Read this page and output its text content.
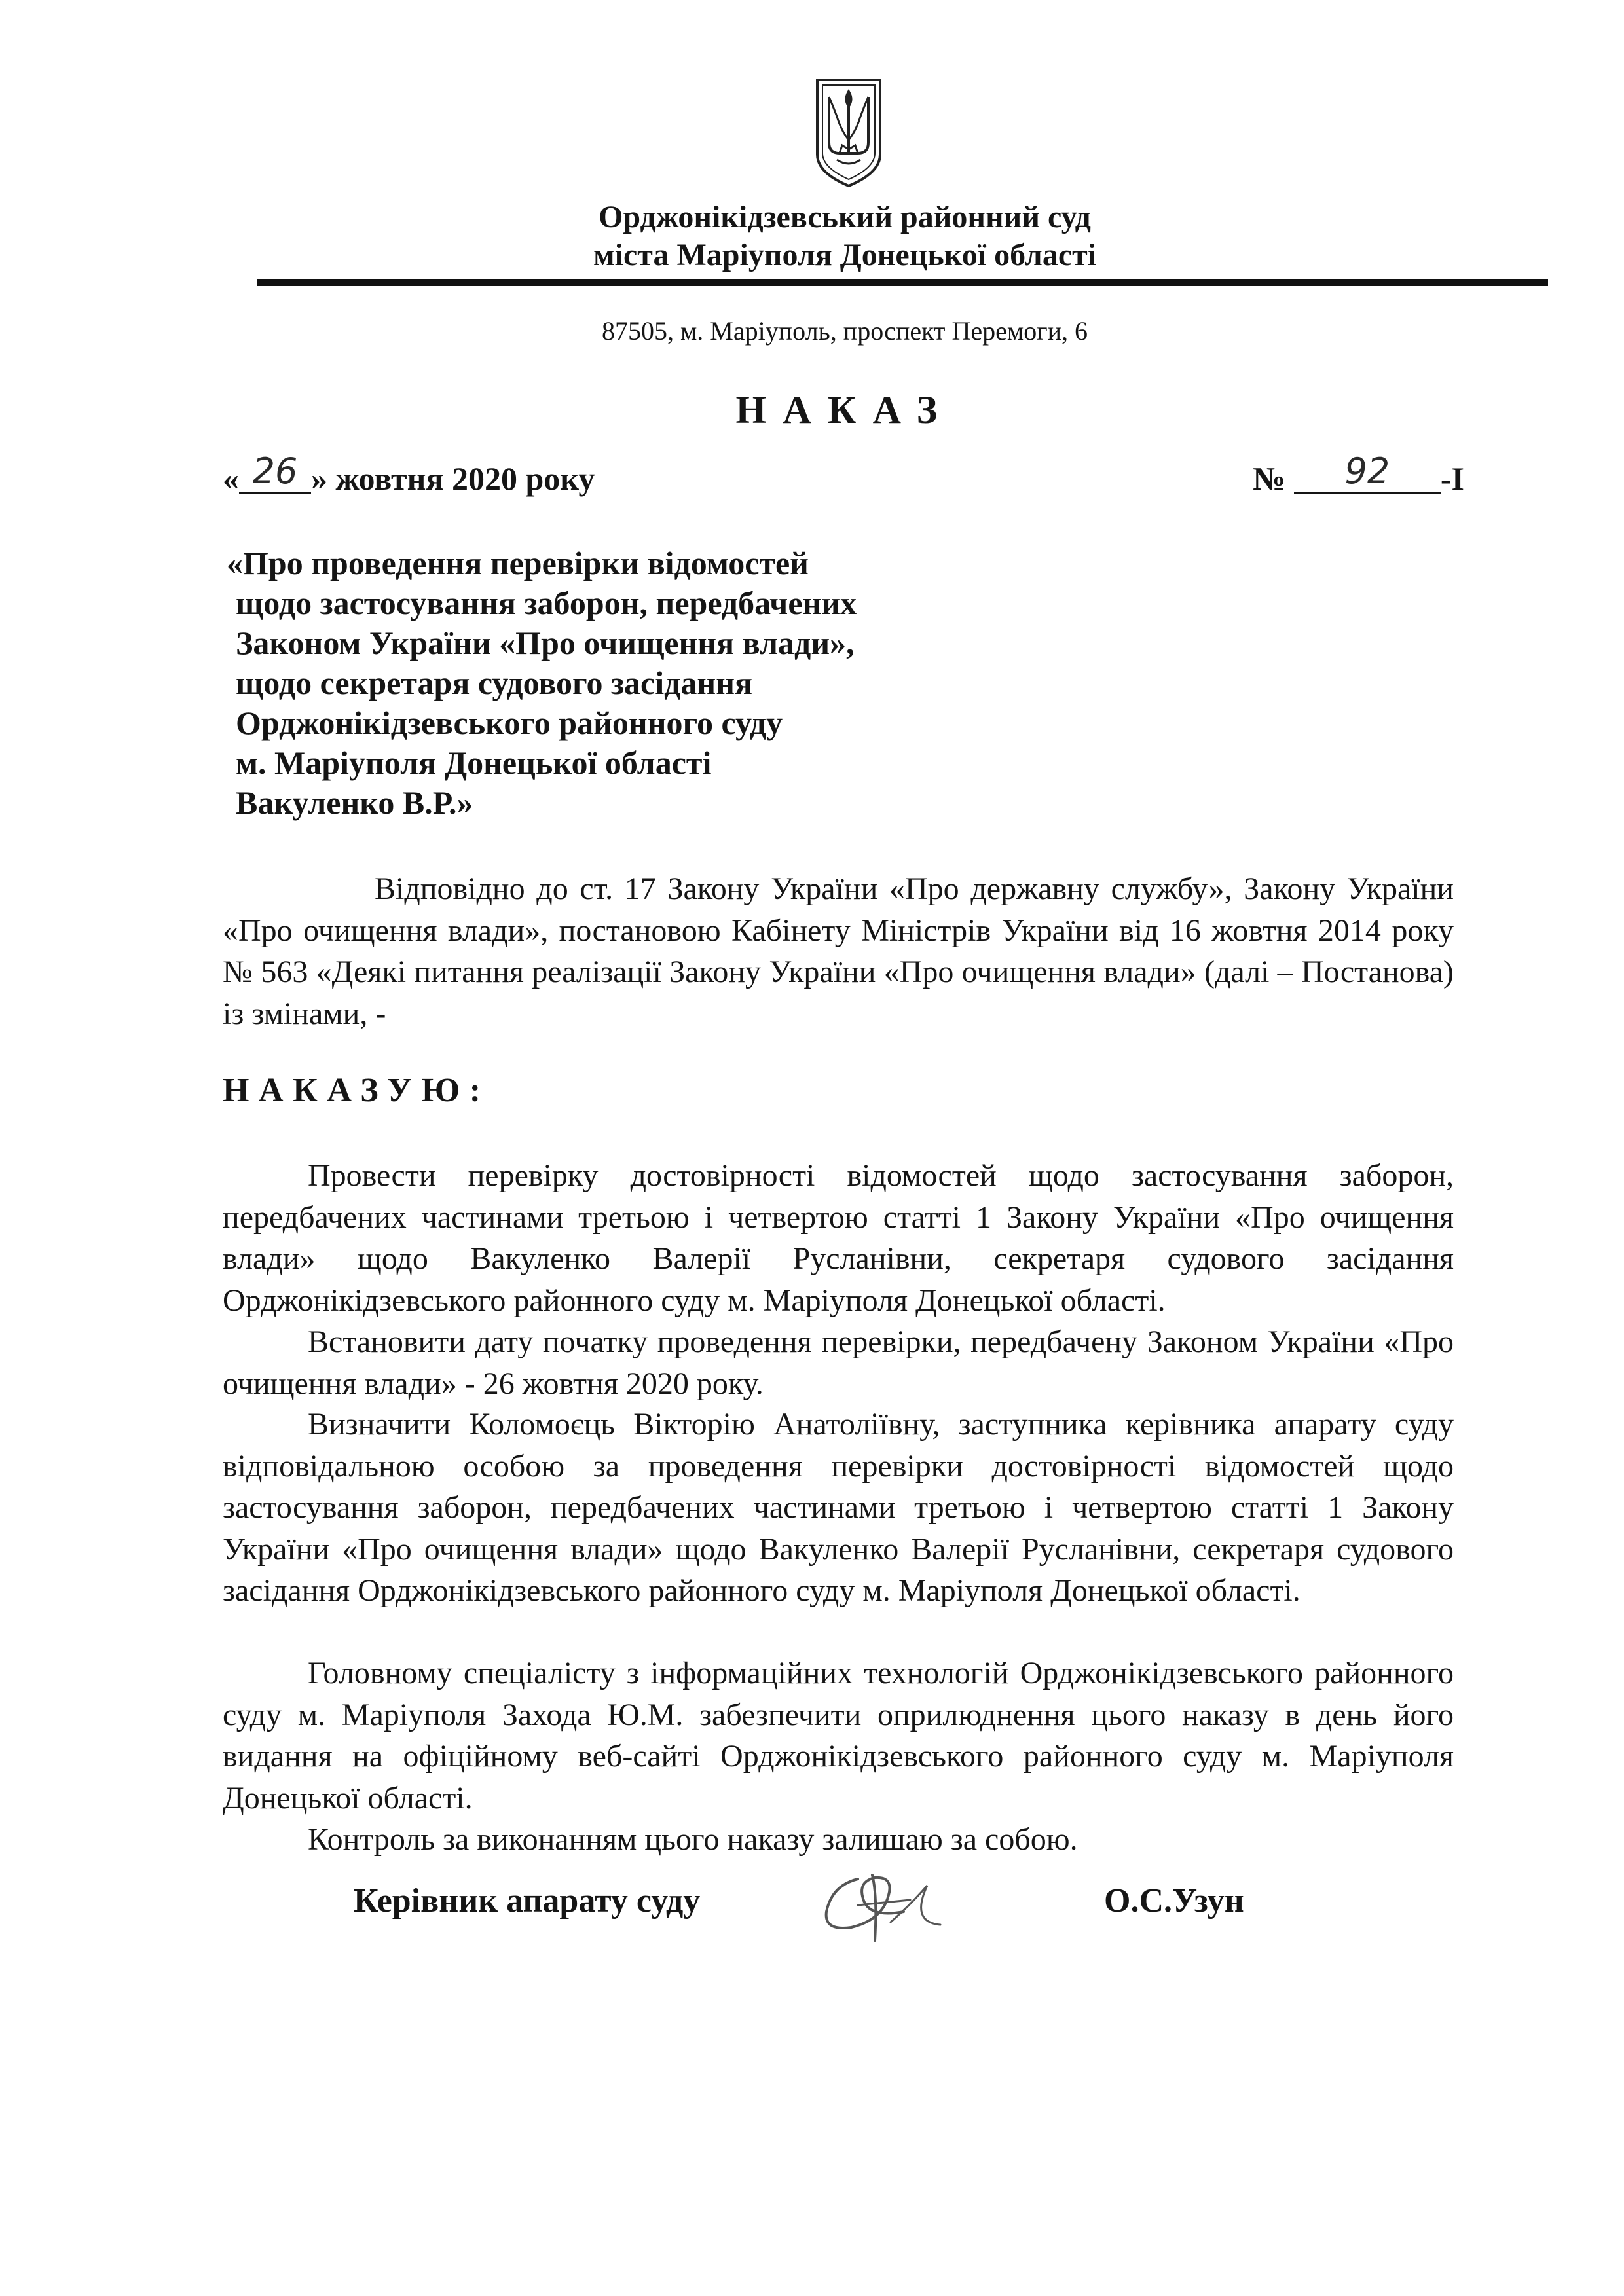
Орджонікідзевський районний суд
міста Маріуполя Донецької області
87505, м. Маріуполь, проспект Перемоги, 6
НАКАЗ
« 26 » жовтня 2020 року	№ 92 -І
«Про проведення перевірки відомостей
щодо застосування заборон, передбачених
Законом України «Про очищення влади»,
щодо секретаря судового засідання
Орджонікідзевського районного суду
м. Маріуполя Донецької області
Вакуленко В.Р.»
Відповідно до ст. 17 Закону України «Про державну службу», Закону України «Про очищення влади», постановою Кабінету Міністрів України від 16 жовтня 2014 року № 563 «Деякі питання реалізації Закону України «Про очищення влади» (далі – Постанова) із змінами, -
НАКАЗУЮ:
Провести перевірку достовірності відомостей щодо застосування заборон, передбачених частинами третьою і четвертою статті 1 Закону України «Про очищення влади» щодо Вакуленко Валерії Русланівни, секретаря судового засідання Орджонікідзевського районного суду м. Маріуполя Донецької області.
Встановити дату початку проведення перевірки, передбачену Законом України «Про очищення влади» - 26 жовтня 2020 року.
Визначити Коломоєць Вікторію Анатоліївну, заступника керівника апарату суду відповідальною особою за проведення перевірки достовірності відомостей щодо застосування заборон, передбачених частинами третьою і четвертою статті 1 Закону України «Про очищення влади» щодо Вакуленко Валерії Русланівни, секретаря судового засідання Орджонікідзевського районного суду м. Маріуполя Донецької області.
Головному спеціалісту з інформаційних технологій Орджонікідзевського районного суду м. Маріуполя Захода Ю.М. забезпечити оприлюднення цього наказу в день його видання на офіційному веб-сайті Орджонікідзевського районного суду м. Маріуполя Донецької області.
Контроль за виконанням цього наказу залишаю за собою.
Керівник апарату суду	О.С.Узун
